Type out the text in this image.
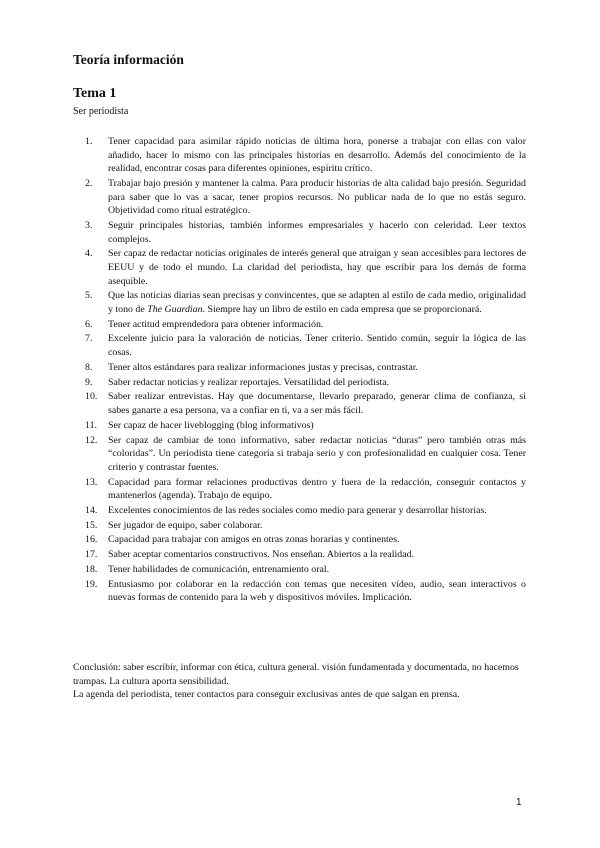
Teoría información
Tema 1

Ser periodista

1. Tener capacidad para asimilar rápido noticias de última hora, ponerse a trabajar con ellas con valor añadido, hacer lo mismo con las principales historias en desarrollo. Además del conocimiento de la realidad, encontrar cosas para diferentes opiniones, espíritu crítico.
2. Trabajar bajo presión y mantener la calma. Para producir historias de alta calidad bajo presión. Seguridad para saber que lo vas a sacar, tener propios recursos. No publicar nada de lo que no estás seguro. Objetividad como ritual estratégico.
3. Seguir principales historias, también informes empresariales y hacerlo con celeridad. Leer textos complejos.
4. Ser capaz de redactar noticias originales de interés general que atraigan y sean accesibles para lectores de EEUU y de todo el mundo. La claridad del periodista, hay que escribir para los demás de forma asequible.
5. Que las noticias diarias sean precisas y convincentes, que se adapten al estilo de cada medio, originalidad y tono de The Guardian. Siempre hay un libro de estilo en cada empresa que se proporcionará.
6. Tener actitud emprendedora para obtener información.
7. Excelente juicio para la valoración de noticias. Tener criterio. Sentido común, seguir la lógica de las cosas.
8. Tener altos estándares para realizar informaciones justas y precisas, contrastar.
9. Saber redactar noticias y realizar reportajes. Versatilidad del periodista.
10. Saber realizar entrevistas. Hay que documentarse, llevarlo preparado, generar clima de confianza, si sabes ganarte a esa persona, va a confiar en ti, va a ser más fácil.
11. Ser capaz de hacer liveblogging (blog informativos)
12. Ser capaz de cambiar de tono informativo, saber redactar noticias “duras” pero también otras más “coloridas”. Un periodista tiene categoría si trabaja serio y con profesionalidad en cualquier cosa. Tener criterio y contrastar fuentes.
13. Capacidad para formar relaciones productivas dentro y fuera de la redacción, conseguir contactos y mantenerlos (agenda). Trabajo de equipo.
14. Excelentes conocimientos de las redes sociales como medio para generar y desarrollar historias.
15. Ser jugador de equipo, saber colaborar.
16. Capacidad para trabajar con amigos en otras zonas horarias y continentes.
17. Saber aceptar comentarios constructivos. Nos enseñan. Abiertos a la realidad.
18. Tener habilidades de comunicación, entrenamiento oral.
19. Entusiasmo por colaborar en la redacción con temas que necesiten vídeo, audio, sean interactivos o nuevas formas de contenido para la web y dispositivos móviles. Implicación.

Conclusión: saber escribir, informar con ética, cultura general. visión fundamentada y documentada, no hacemos trampas. La cultura aporta sensibilidad.

La agenda del periodista, tener contactos para conseguir exclusivas antes de que salgan en prensa.

1
